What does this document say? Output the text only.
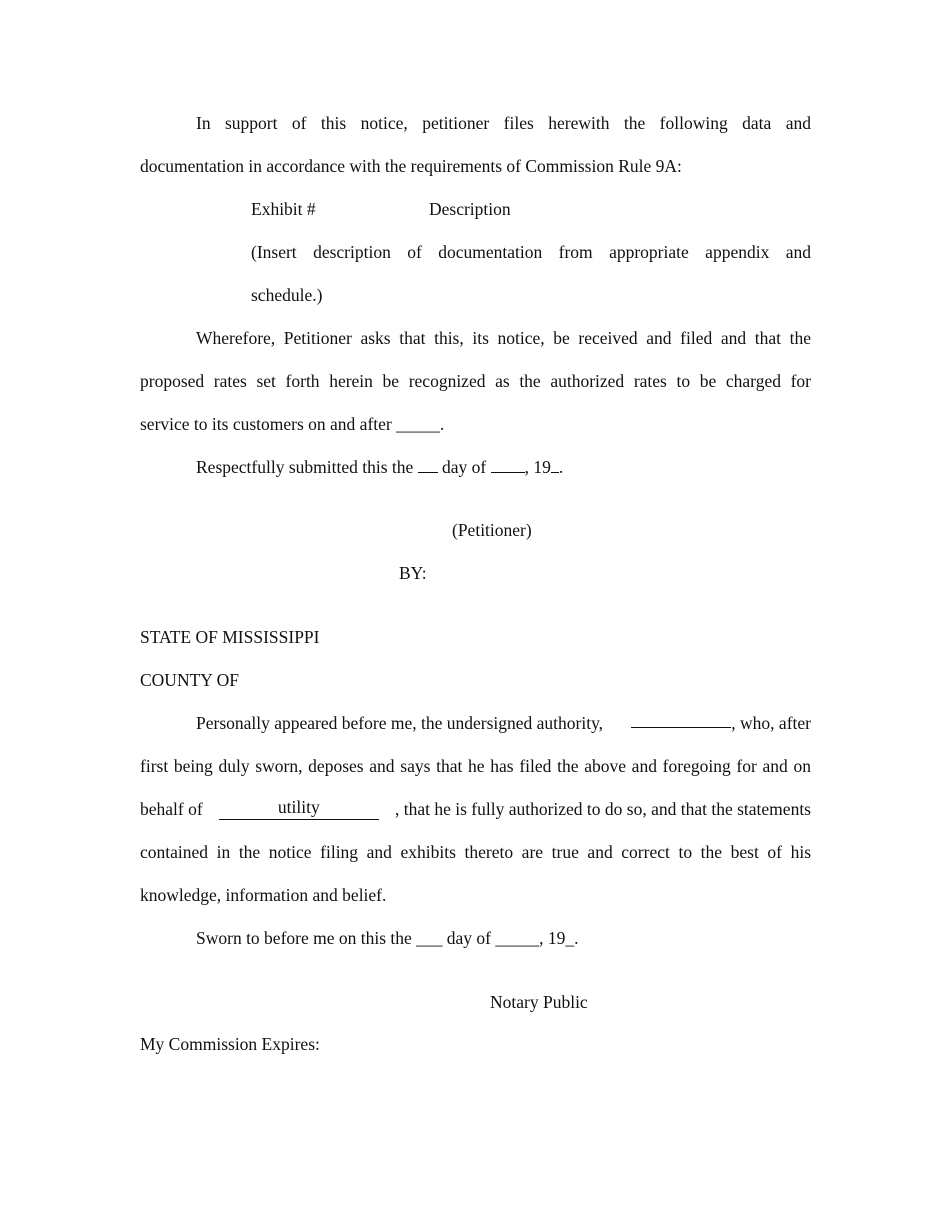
In support of this notice, petitioner files herewith the following data and
documentation in accordance with the requirements of Commission Rule 9A:
Exhibit #	Description
(Insert description of documentation from appropriate appendix and
schedule.)
Wherefore, Petitioner asks that this, its notice, be received and filed and that the
proposed rates set forth herein be recognized as the authorized rates to be charged for
service to its customers on and after _____.
Respectfully submitted this the day of , 19 .
(Petitioner)
BY:
STATE OF MISSISSIPPI
COUNTY OF
Personally appeared before me, the undersigned authority,	, who, after
first being duly sworn, deposes and says that he has filed the above and foregoing for and on
behalf of	utility	, that he is fully authorized to do so, and that the statements
contained in the notice filing and exhibits thereto are true and correct to the best of his
knowledge, information and belief.
Sworn to before me on this the ___ day of _____, 19_.
Notary Public
My Commission Expires:
